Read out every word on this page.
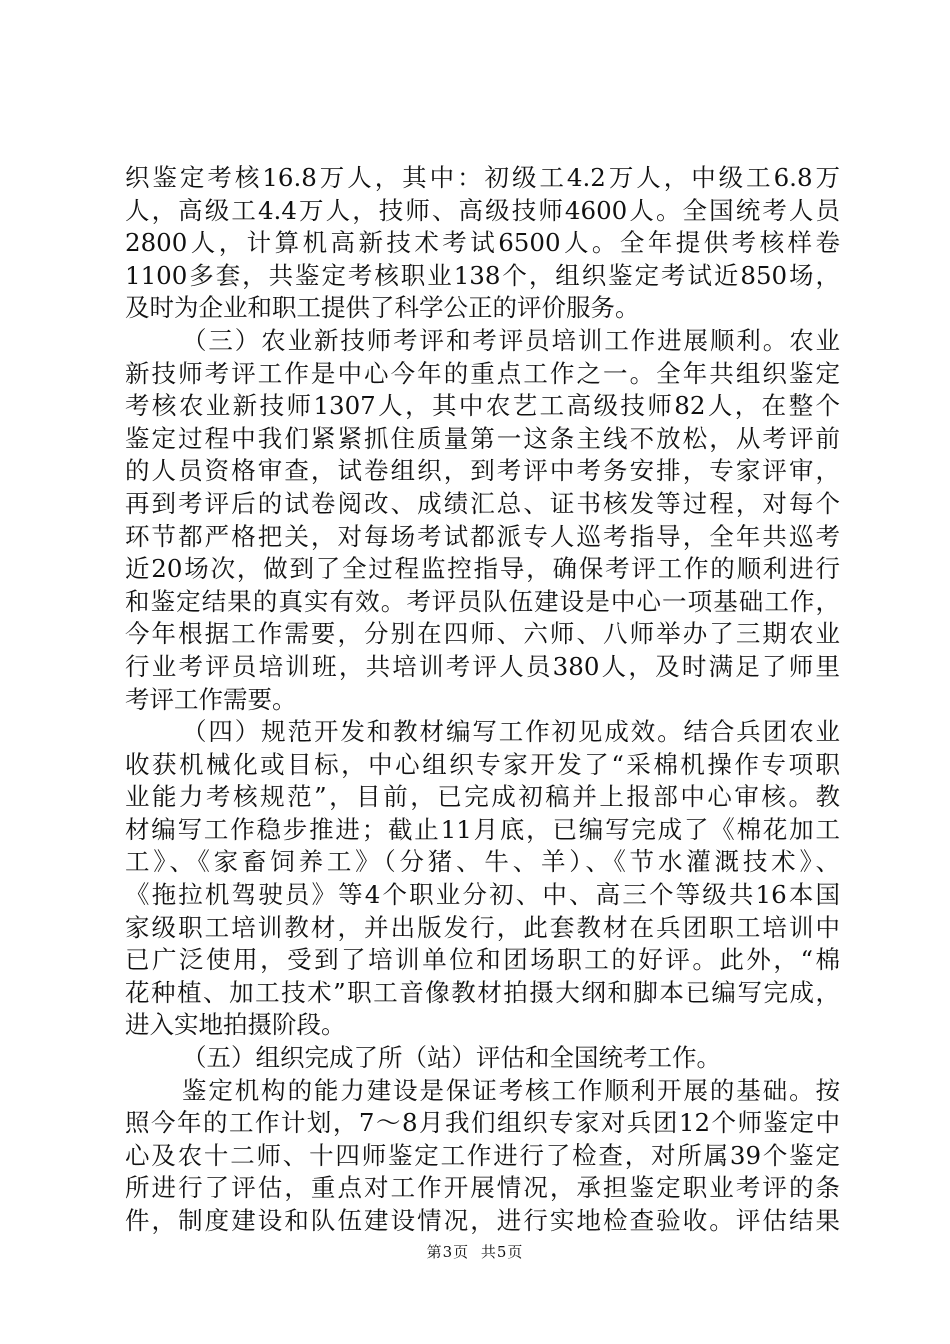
织鉴定考核16.8万人，其中：初级工4.2万人，中级工6.8万
人，高级工4.4万人，技师、高级技师4600人。全国统考人员
2800人，计算机高新技术考试6500人。全年提供考核样卷
1100多套，共鉴定考核职业138个，组织鉴定考试近850场，
及时为企业和职工提供了科学公正的评价服务。
（三）农业新技师考评和考评员培训工作进展顺利。农业
新技师考评工作是中心今年的重点工作之一。全年共组织鉴定
考核农业新技师1307人，其中农艺工高级技师82人，在整个
鉴定过程中我们紧紧抓住质量第一这条主线不放松，从考评前
的人员资格审查，试卷组织，到考评中考务安排，专家评审，
再到考评后的试卷阅改、成绩汇总、证书核发等过程，对每个
环节都严格把关，对每场考试都派专人巡考指导，全年共巡考
近20场次，做到了全过程监控指导，确保考评工作的顺利进行
和鉴定结果的真实有效。考评员队伍建设是中心一项基础工作，
今年根据工作需要，分别在四师、六师、八师举办了三期农业
行业考评员培训班，共培训考评人员380人，及时满足了师里
考评工作需要。
（四）规范开发和教材编写工作初见成效。结合兵团农业
收获机械化或目标，中心组织专家开发了“采棉机操作专项职
业能力考核规范”，目前，已完成初稿并上报部中心审核。教
材编写工作稳步推进；截止11月底，已编写完成了《棉花加工
工》、《家畜饲养工》（分猪、牛、羊）、《节水灌溉技术》、
《拖拉机驾驶员》等4个职业分初、中、高三个等级共16本国
家级职工培训教材，并出版发行，此套教材在兵团职工培训中
已广泛使用，受到了培训单位和团场职工的好评。此外，“棉
花种植、加工技术”职工音像教材拍摄大纲和脚本已编写完成，
进入实地拍摄阶段。
（五）组织完成了所（站）评估和全国统考工作。
鉴定机构的能力建设是保证考核工作顺利开展的基础。按
照今年的工作计划，7～8月我们组织专家对兵团12个师鉴定中
心及农十二师、十四师鉴定工作进行了检查，对所属39个鉴定
所进行了评估，重点对工作开展情况，承担鉴定职业考评的条
件，制度建设和队伍建设情况，进行实地检查验收。评估结果
第3页 共5页
